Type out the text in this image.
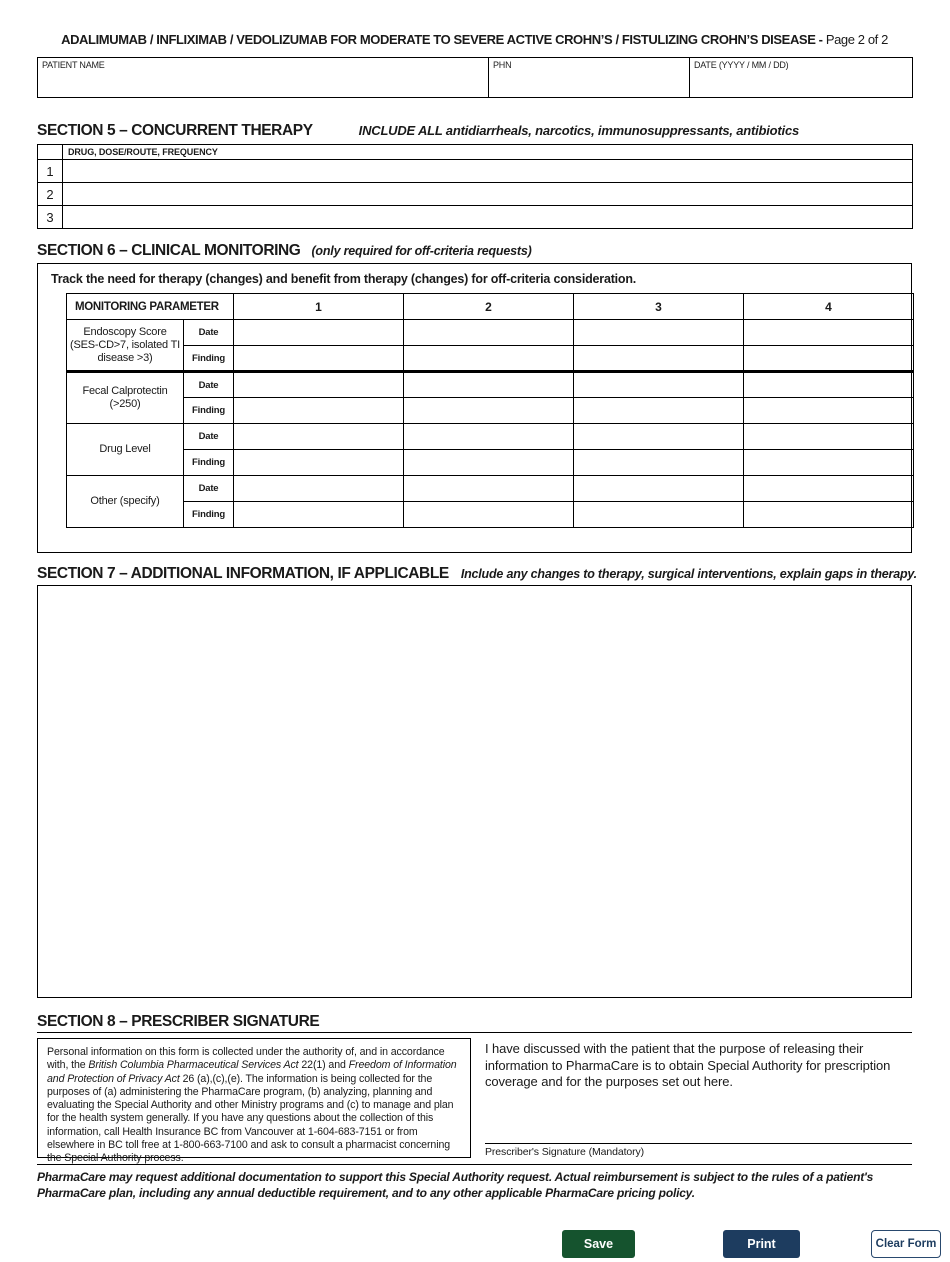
ADALIMUMAB / INFLIXIMAB / VEDOLIZUMAB FOR MODERATE TO SEVERE ACTIVE CROHN’S / FISTULIZING CROHN’S DISEASE - Page 2 of 2
PATIENT NAME	PHN	DATE (YYYY / MM / DD)
SECTION 5 – CONCURRENT THERAPY	INCLUDE ALL antidiarrheals, narcotics, immunosuppressants, antibiotics
	DRUG, DOSE/ROUTE, FREQUENCY
1	
2	
3	
SECTION 6 – CLINICAL MONITORING (only required for off-criteria requests)
Track the need for therapy (changes) and benefit from therapy (changes) for off-criteria consideration.
MONITORING PARAMETER		1	2	3	4
Endoscopy Score (SES-CD>7, isolated TI disease >3)	Date				
	Finding				
Fecal Calprotectin (>250)	Date				
	Finding				
Drug Level	Date				
	Finding				
Other (specify)	Date				
	Finding				
SECTION 7 – ADDITIONAL INFORMATION, IF APPLICABLE Include any changes to therapy, surgical interventions, explain gaps in therapy.
SECTION 8 – PRESCRIBER SIGNATURE
Personal information on this form is collected under the authority of, and in accordance with, the British Columbia Pharmaceutical Services Act 22(1) and Freedom of Information and Protection of Privacy Act 26 (a),(c),(e). The information is being collected for the purposes of (a) administering the PharmaCare program, (b) analyzing, planning and evaluating the Special Authority and other Ministry programs and (c) to manage and plan for the health system generally. If you have any questions about the collection of this information, call Health Insurance BC from Vancouver at 1-604-683-7151 or from elsewhere in BC toll free at 1-800-663-7100 and ask to consult a pharmacist concerning the Special Authority process.
I have discussed with the patient that the purpose of releasing their information to PharmaCare is to obtain Special Authority for prescription coverage and for the purposes set out here.
Prescriber's Signature (Mandatory)
PharmaCare may request additional documentation to support this Special Authority request. Actual reimbursement is subject to the rules of a patient's PharmaCare plan, including any annual deductible requirement, and to any other applicable PharmaCare pricing policy.
Save	Print	Clear Form
